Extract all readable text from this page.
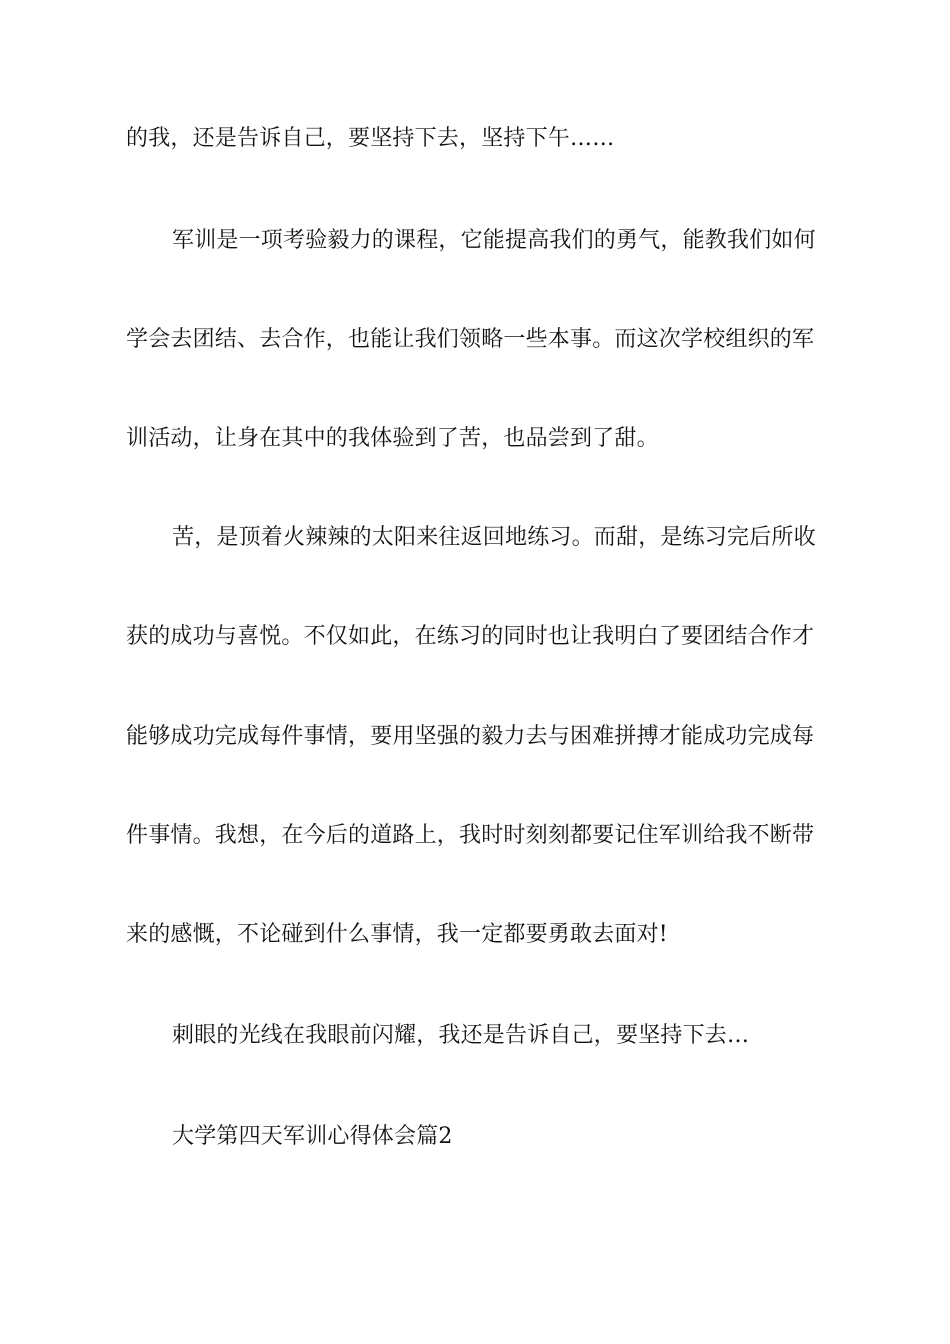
的我，还是告诉自己，要坚持下去，坚持下午……
军训是一项考验毅力的课程，它能提高我们的勇气，能教我们如何
学会去团结、去合作，也能让我们领略一些本事。而这次学校组织的军
训活动，让身在其中的我体验到了苦，也品尝到了甜。
苦，是顶着火辣辣的太阳来往返回地练习。而甜，是练习完后所收
获的成功与喜悦。不仅如此，在练习的同时也让我明白了要团结合作才
能够成功完成每件事情，要用坚强的毅力去与困难拼搏才能成功完成每
件事情。我想，在今后的道路上，我时时刻刻都要记住军训给我不断带
来的感慨，不论碰到什么事情，我一定都要勇敢去面对!
刺眼的光线在我眼前闪耀，我还是告诉自己，要坚持下去…
大学第四天军训心得体会篇2
